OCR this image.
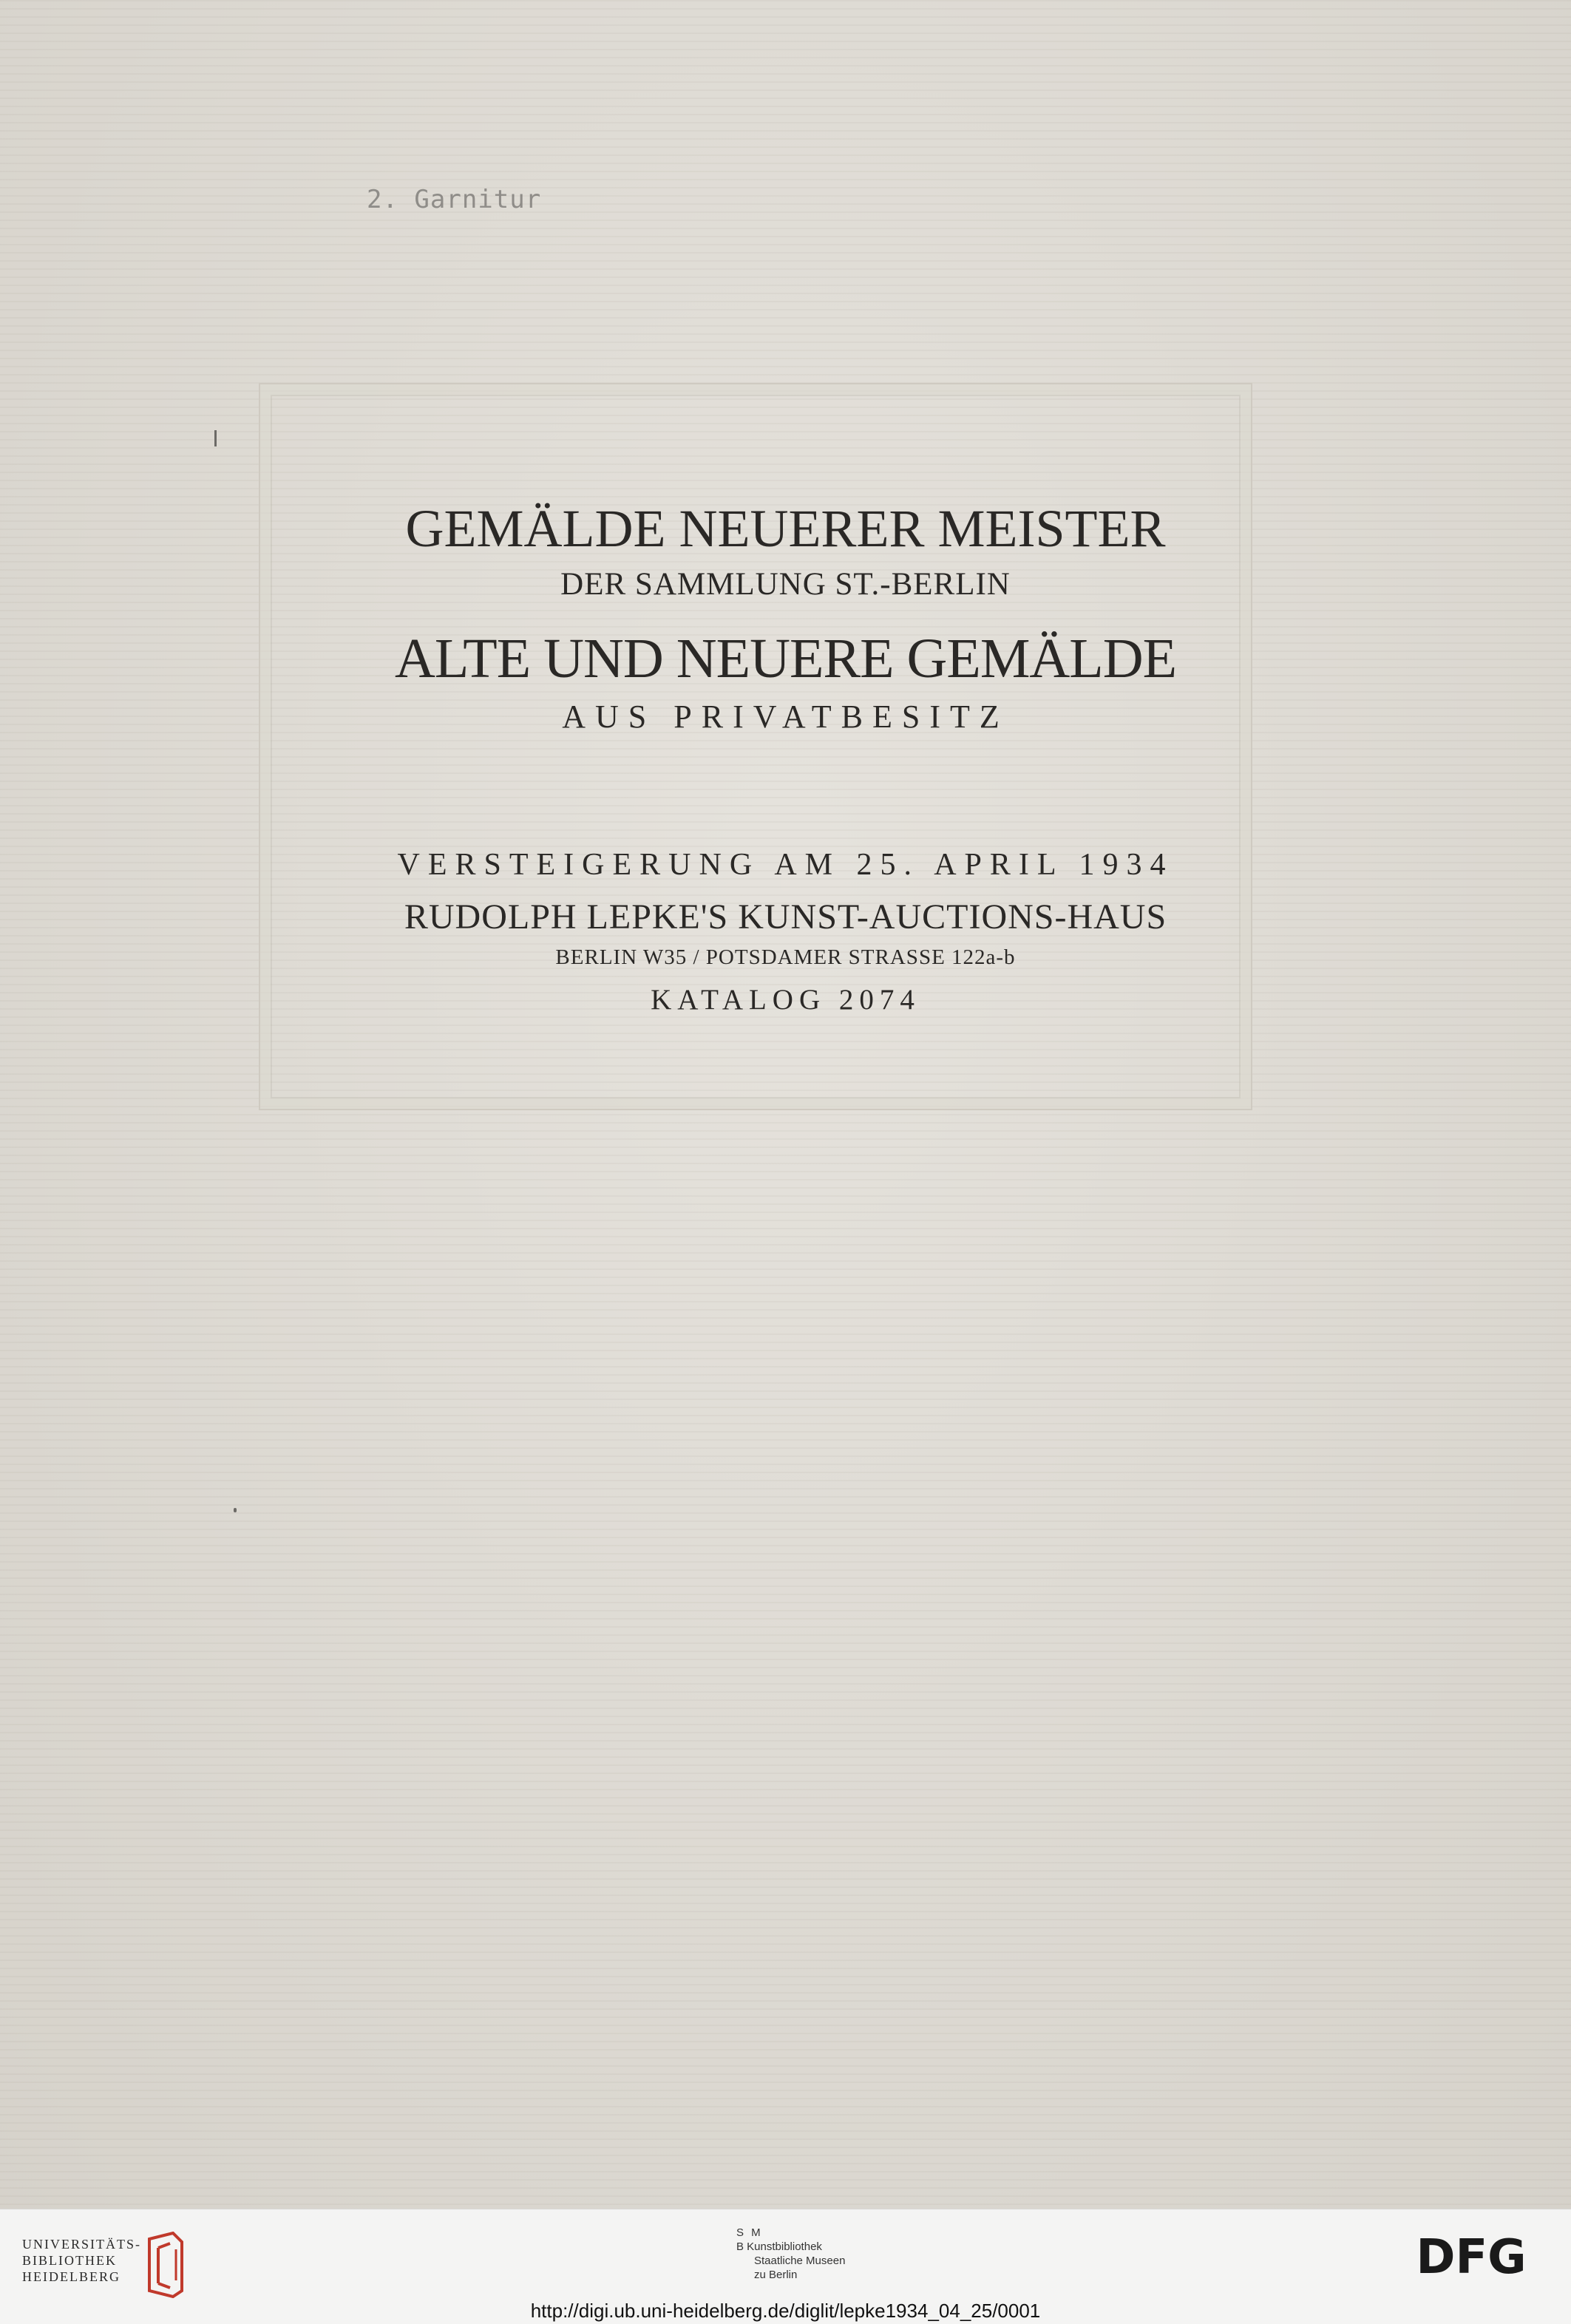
2. Garnitur
GEMÄLDE NEUERER MEISTER
DER SAMMLUNG ST.-BERLIN
ALTE UND NEUERE GEMÄLDE
AUS PRIVATBESITZ
VERSTEIGERUNG AM 25. APRIL 1934
RUDOLPH LEPKE'S KUNST-AUCTIONS-HAUS
BERLIN W35 / POTSDAMER STRASSE 122a-b
KATALOG 2074
UNIVERSITÄTS-
BIBLIOTHEK
HEIDELBERG
S M
B Kunstbibliothek
Staatliche Museen
zu Berlin	DFG
http://digi.ub.uni-heidelberg.de/diglit/lepke1934_04_25/0001
